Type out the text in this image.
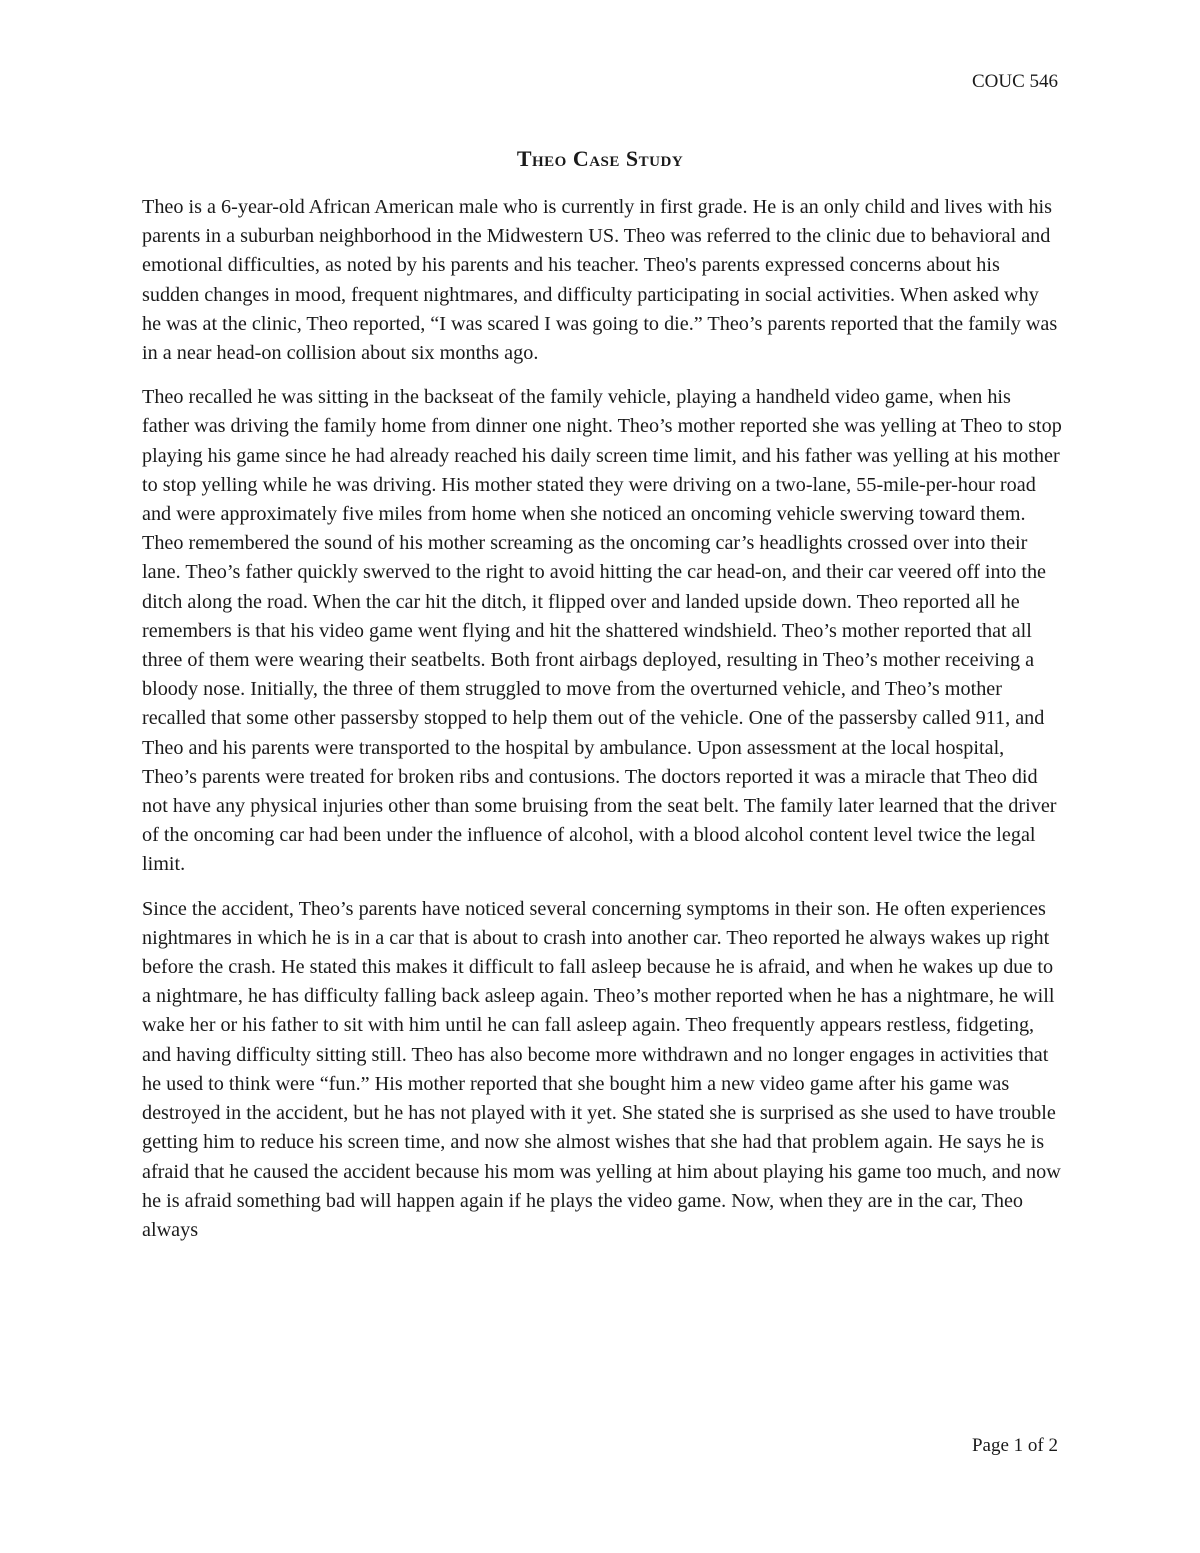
COUC 546
Theo Case Study

Theo is a 6-year-old African American male who is currently in first grade. He is an only child and lives with his parents in a suburban neighborhood in the Midwestern US. Theo was referred to the clinic due to behavioral and emotional difficulties, as noted by his parents and his teacher. Theo's parents expressed concerns about his sudden changes in mood, frequent nightmares, and difficulty participating in social activities. When asked why he was at the clinic, Theo reported, “I was scared I was going to die.” Theo’s parents reported that the family was in a near head-on collision about six months ago.

Theo recalled he was sitting in the backseat of the family vehicle, playing a handheld video game, when his father was driving the family home from dinner one night. Theo’s mother reported she was yelling at Theo to stop playing his game since he had already reached his daily screen time limit, and his father was yelling at his mother to stop yelling while he was driving. His mother stated they were driving on a two-lane, 55-mile-per-hour road and were approximately five miles from home when she noticed an oncoming vehicle swerving toward them. Theo remembered the sound of his mother screaming as the oncoming car’s headlights crossed over into their lane. Theo’s father quickly swerved to the right to avoid hitting the car head-on, and their car veered off into the ditch along the road. When the car hit the ditch, it flipped over and landed upside down. Theo reported all he remembers is that his video game went flying and hit the shattered windshield. Theo’s mother reported that all three of them were wearing their seatbelts. Both front airbags deployed, resulting in Theo’s mother receiving a bloody nose. Initially, the three of them struggled to move from the overturned vehicle, and Theo’s mother recalled that some other passersby stopped to help them out of the vehicle. One of the passersby called 911, and Theo and his parents were transported to the hospital by ambulance. Upon assessment at the local hospital, Theo’s parents were treated for broken ribs and contusions. The doctors reported it was a miracle that Theo did not have any physical injuries other than some bruising from the seat belt. The family later learned that the driver of the oncoming car had been under the influence of alcohol, with a blood alcohol content level twice the legal limit.

Since the accident, Theo’s parents have noticed several concerning symptoms in their son. He often experiences nightmares in which he is in a car that is about to crash into another car. Theo reported he always wakes up right before the crash. He stated this makes it difficult to fall asleep because he is afraid, and when he wakes up due to a nightmare, he has difficulty falling back asleep again. Theo’s mother reported when he has a nightmare, he will wake her or his father to sit with him until he can fall asleep again. Theo frequently appears restless, fidgeting, and having difficulty sitting still. Theo has also become more withdrawn and no longer engages in activities that he used to think were “fun.” His mother reported that she bought him a new video game after his game was destroyed in the accident, but he has not played with it yet. She stated she is surprised as she used to have trouble getting him to reduce his screen time, and now she almost wishes that she had that problem again. He says he is afraid that he caused the accident because his mom was yelling at him about playing his game too much, and now he is afraid something bad will happen again if he plays the video game. Now, when they are in the car, Theo always

Page 1 of 2
